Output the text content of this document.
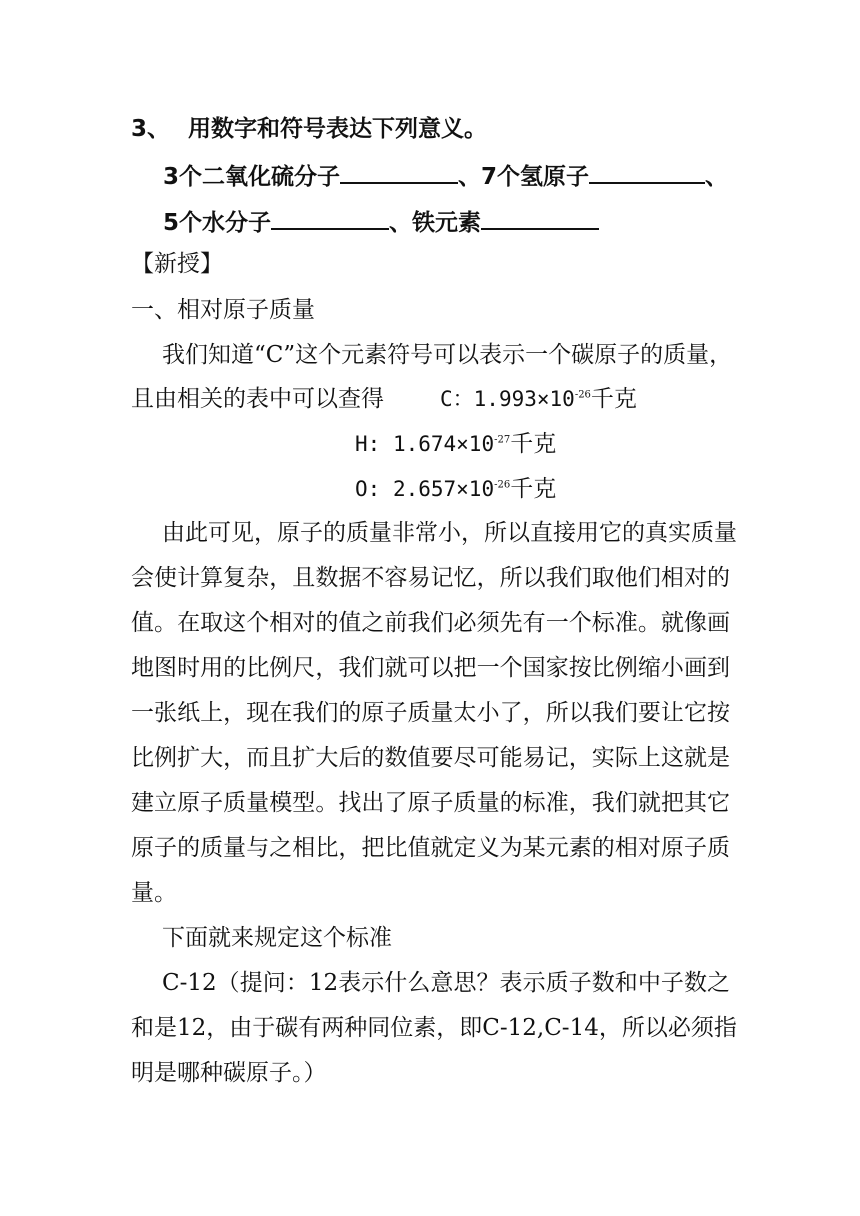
3、 用数字和符号表达下列意义。
3个二氧化硫分子	、7个氢原子	、
5个水分子	、铁元素
【新授】
一、相对原子质量
我们知道“C”这个元素符号可以表示一个碳原子的质量，
且由相关的表中可以查得	C：$1.993\times 10^{-26}$千克
H: $1.674\times 10^{-27}$千克
O: $2.657\times 10^{-26}$千克
由此可见，原子的质量非常小，所以直接用它的真实质量
会使计算复杂，且数据不容易记忆，所以我们取他们相对的
值。在取这个相对的值之前我们必须先有一个标准。就像画
地图时用的比例尺，我们就可以把一个国家按比例缩小画到
一张纸上，现在我们的原子质量太小了，所以我们要让它按
比例扩大，而且扩大后的数值要尽可能易记，实际上这就是
建立原子质量模型。找出了原子质量的标准，我们就把其它
原子的质量与之相比，把比值就定义为某元素的相对原子质
量。
下面就来规定这个标准
C-12（提问：12表示什么意思？表示质子数和中子数之
和是12，由于碳有两种同位素，即C-12,C-14，所以必须指
明是哪种碳原子。）
